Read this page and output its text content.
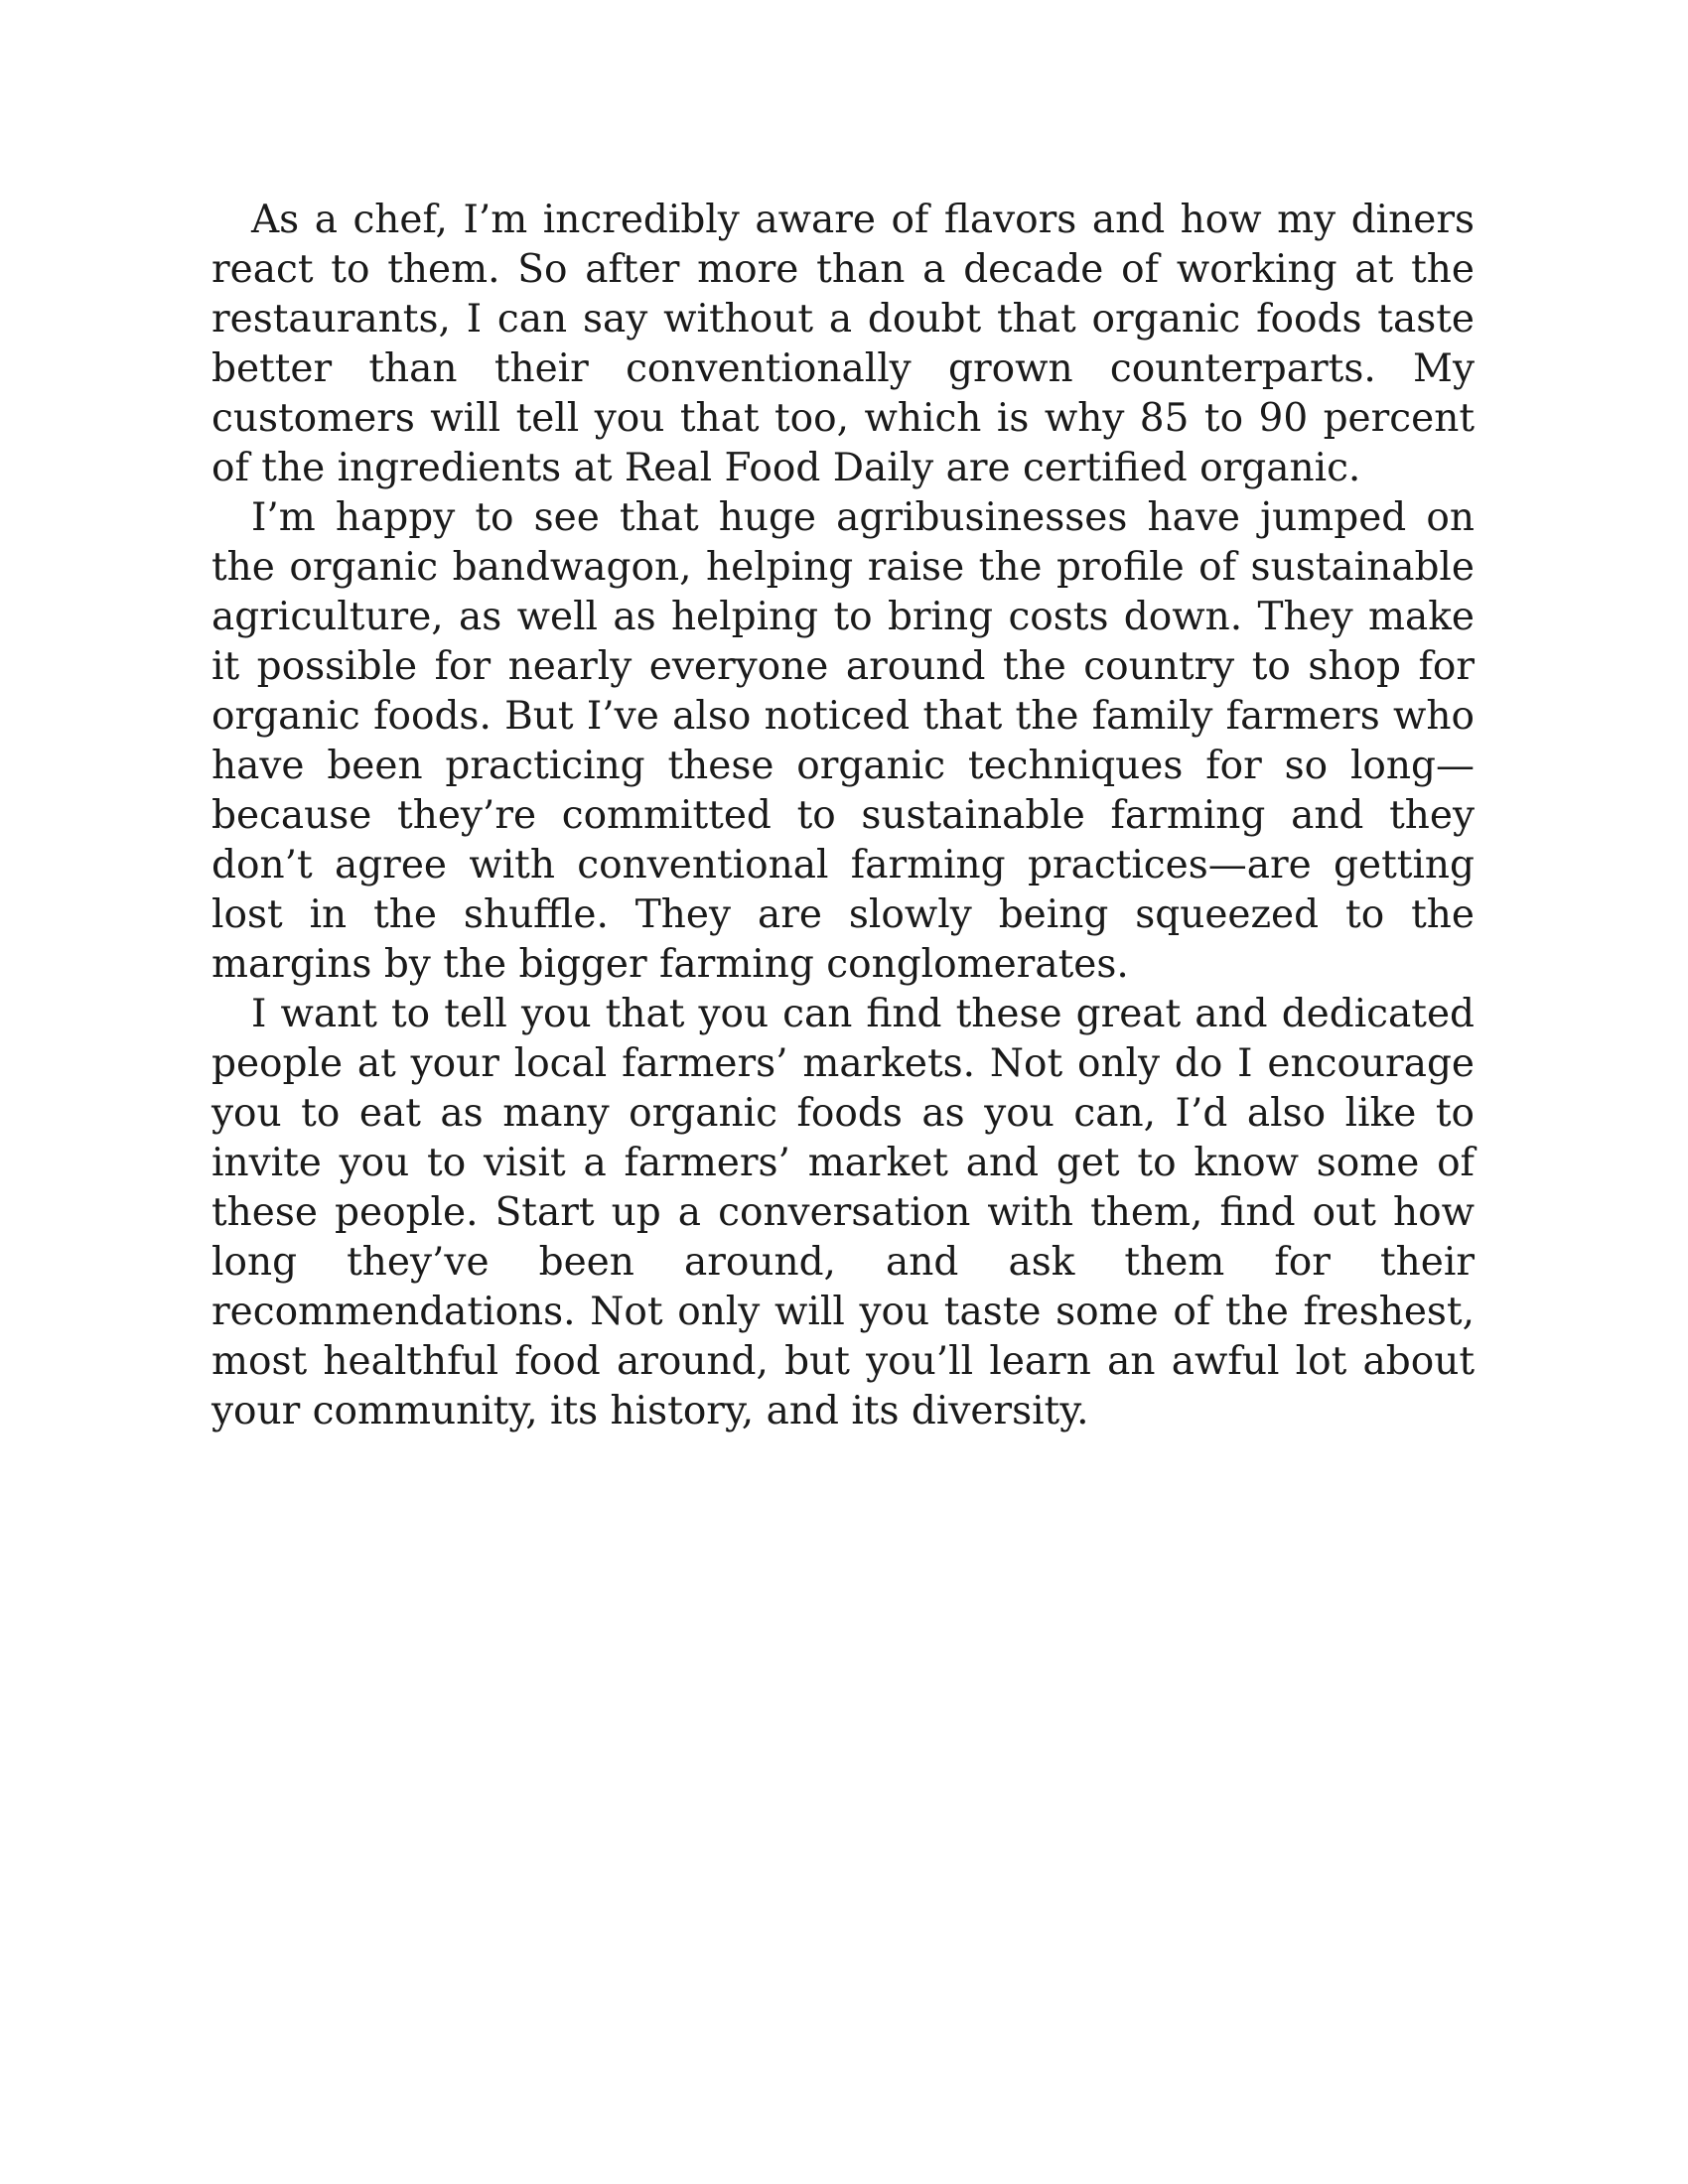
As a chef, I’m incredibly aware of flavors and how my diners react to them. So after more than a decade of working at the restaurants, I can say without a doubt that organic foods taste better than their conventionally grown counterparts. My customers will tell you that too, which is why 85 to 90 percent of the ingredients at Real Food Daily are certified organic.

I’m happy to see that huge agribusinesses have jumped on the organic bandwagon, helping raise the profile of sustainable agriculture, as well as helping to bring costs down. They make it possible for nearly everyone around the country to shop for organic foods. But I’ve also noticed that the family farmers who have been practicing these organic techniques for so long—because they’re committed to sustainable farming and they don’t agree with conventional farming practices—are getting lost in the shuffle. They are slowly being squeezed to the margins by the bigger farming conglomerates.

I want to tell you that you can find these great and dedicated people at your local farmers’ markets. Not only do I encourage you to eat as many organic foods as you can, I’d also like to invite you to visit a farmers’ market and get to know some of these people. Start up a conversation with them, find out how long they’ve been around, and ask them for their recommendations. Not only will you taste some of the freshest, most healthful food around, but you’ll learn an awful lot about your community, its history, and its diversity.
